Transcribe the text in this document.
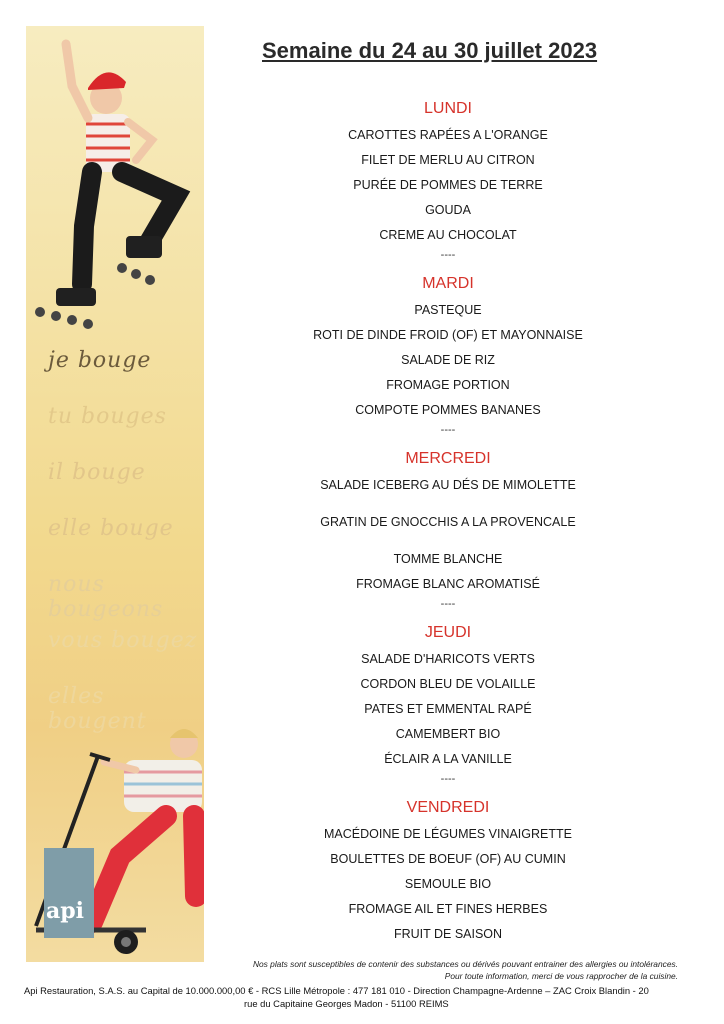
je bouge
tu bouges
il bouge
elle bouge
nous bougeons
vous bougez
elles bougent
api
Semaine du 24 au 30 juillet 2023
LUNDI
CAROTTES RAPÉES A L'ORANGE
FILET DE MERLU AU CITRON
PURÉE DE POMMES DE TERRE
GOUDA
CREME AU CHOCOLAT
----
MARDI
PASTEQUE
ROTI DE DINDE FROID (OF) ET MAYONNAISE
SALADE DE RIZ
FROMAGE PORTION
COMPOTE POMMES BANANES
----
MERCREDI
SALADE ICEBERG AU DÉS DE MIMOLETTE
GRATIN DE GNOCCHIS A LA PROVENCALE
TOMME BLANCHE
FROMAGE BLANC AROMATISÉ
----
JEUDI
SALADE D'HARICOTS VERTS
CORDON BLEU DE VOLAILLE
PATES ET EMMENTAL RAPÉ
CAMEMBERT BIO
ÉCLAIR A LA VANILLE
----
VENDREDI
MACÉDOINE DE LÉGUMES VINAIGRETTE
BOULETTES DE BOEUF (OF) AU CUMIN
SEMOULE BIO
FROMAGE AIL ET FINES HERBES
FRUIT DE SAISON
Nos plats sont susceptibles de contenir des substances ou dérivés pouvant entrainer des allergies ou intolérances.
Pour toute information, merci de vous rapprocher de la cuisine.
Api Restauration, S.A.S. au Capital de 10.000.000,00 € - RCS Lille Métropole : 477 181 010 - Direction Champagne-Ardenne – ZAC Croix Blandin - 20
rue du Capitaine Georges Madon - 51100 REIMS
